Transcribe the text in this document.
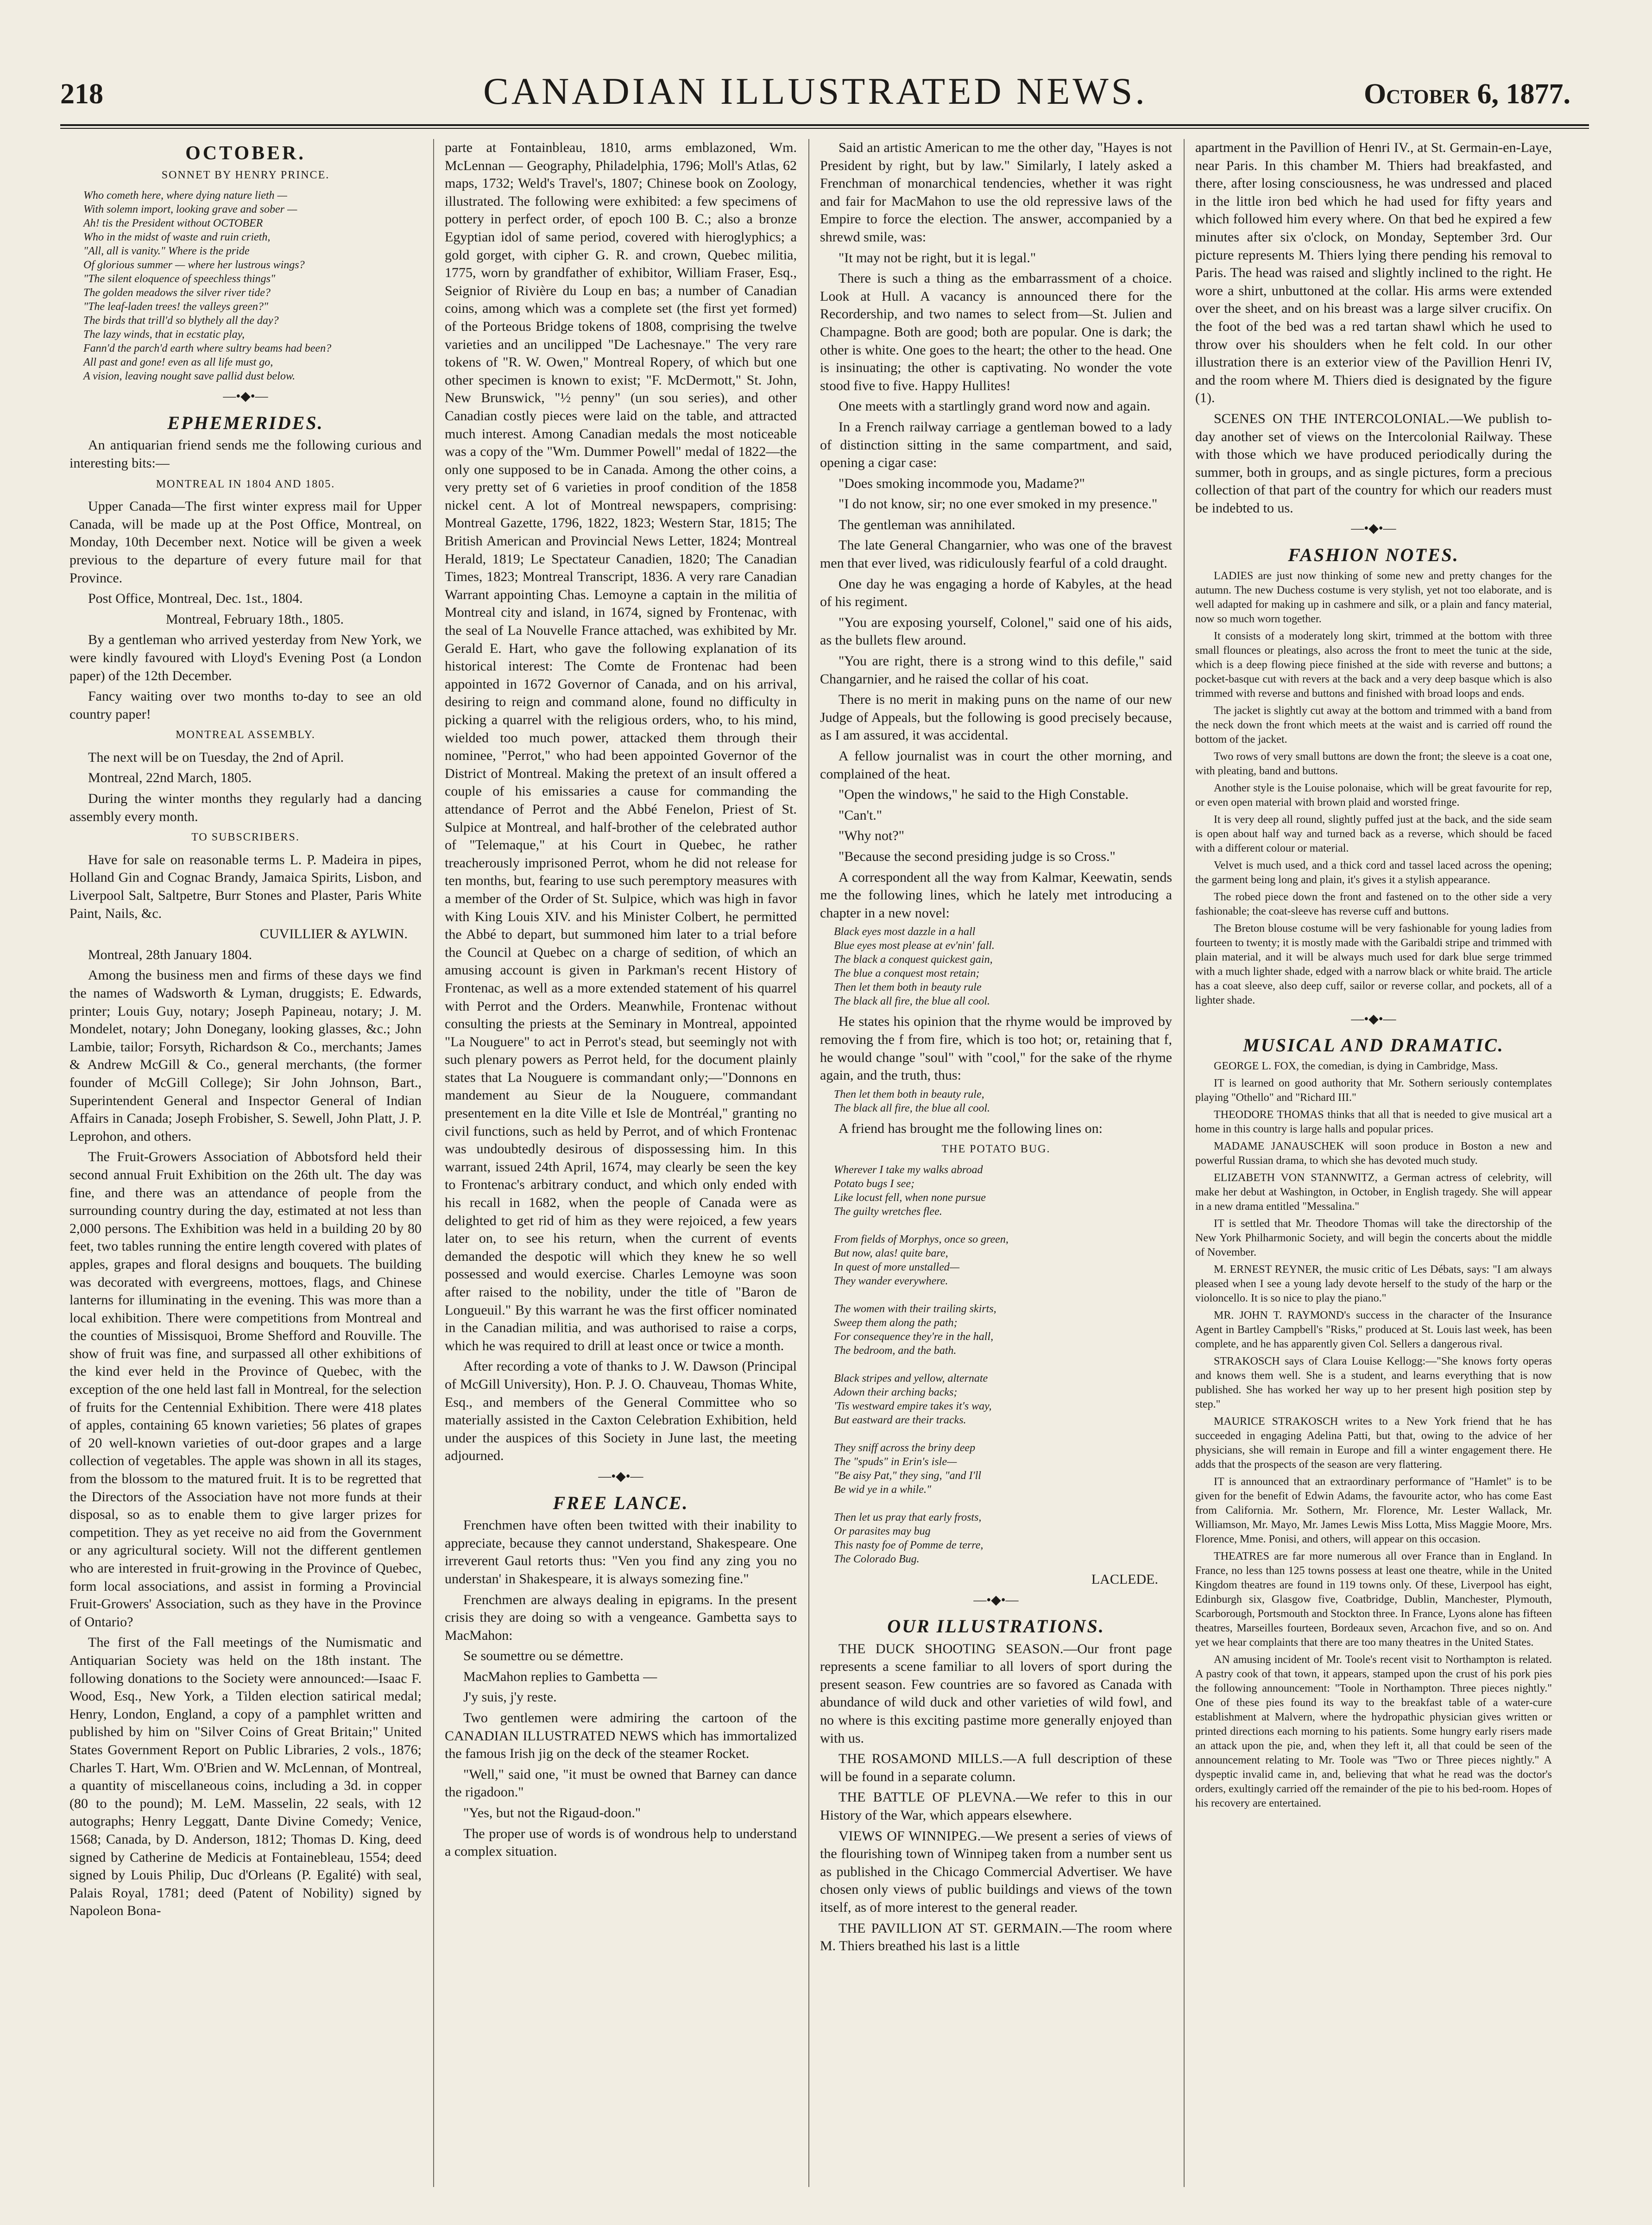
218	CANADIAN ILLUSTRATED NEWS.	October 6, 1877.
OCTOBER.
SONNET BY HENRY PRINCE.
Who cometh here, where dying nature lieth —
With solemn import, looking grave and sober —
Ah! tis the President without OCTOBER
Who in the midst of waste and ruin crieth,
"All, all is vanity." Where is the pride
Of glorious summer — where her lustrous wings?
"The silent eloquence of speechless things"
The golden meadows the silver river tide?
"The leaf-laden trees! the valleys green?"
The birds that trill'd so blythely all the day?
The lazy winds, that in ecstatic play,
Fann'd the parch'd earth where sultry beams had been?
All past and gone! even as all life must go,
A vision, leaving nought save pallid dust below.
—•◆•—
EPHEMERIDES.

An antiquarian friend sends me the following curious and interesting bits:—

MONTREAL IN 1804 AND 1805.

Upper Canada—The first winter express mail for Upper Canada, will be made up at the Post Office, Montreal, on Monday, 10th December next. Notice will be given a week previous to the departure of every future mail for that Province.

Post Office, Montreal, Dec. 1st., 1804.

Montreal, February 18th., 1805.

By a gentleman who arrived yesterday from New York, we were kindly favoured with Lloyd's Evening Post (a London paper) of the 12th December.

Fancy waiting over two months to-day to see an old country paper!

MONTREAL ASSEMBLY.

The next will be on Tuesday, the 2nd of April.

Montreal, 22nd March, 1805.

During the winter months they regularly had a dancing assembly every month.

TO SUBSCRIBERS.

Have for sale on reasonable terms L. P. Madeira in pipes, Holland Gin and Cognac Brandy, Jamaica Spirits, Lisbon, and Liverpool Salt, Saltpetre, Burr Stones and Plaster, Paris White Paint, Nails, &c.

CUVILLIER & AYLWIN.

Montreal, 28th January 1804.

Among the business men and firms of these days we find the names of Wadsworth & Lyman, druggists; E. Edwards, printer; Louis Guy, notary; Joseph Papineau, notary; J. M. Mondelet, notary; John Donegany, looking glasses, &c.; John Lambie, tailor; Forsyth, Richardson & Co., merchants; James & Andrew McGill & Co., general merchants, (the former founder of McGill College); Sir John Johnson, Bart., Superintendent General and Inspector General of Indian Affairs in Canada; Joseph Frobisher, S. Sewell, John Platt, J. P. Leprohon, and others.

The Fruit-Growers Association of Abbotsford held their second annual Fruit Exhibition on the 26th ult. The day was fine, and there was an attendance of people from the surrounding country during the day, estimated at not less than 2,000 persons. The Exhibition was held in a building 20 by 80 feet, two tables running the entire length covered with plates of apples, grapes and floral designs and bouquets. The building was decorated with evergreens, mottoes, flags, and Chinese lanterns for illuminating in the evening. This was more than a local exhibition. There were competitions from Montreal and the counties of Missisquoi, Brome Shefford and Rouville. The show of fruit was fine, and surpassed all other exhibitions of the kind ever held in the Province of Quebec, with the exception of the one held last fall in Montreal, for the selection of fruits for the Centennial Exhibition. There were 418 plates of apples, containing 65 known varieties; 56 plates of grapes of 20 well-known varieties of out-door grapes and a large collection of vegetables. The apple was shown in all its stages, from the blossom to the matured fruit. It is to be regretted that the Directors of the Association have not more funds at their disposal, so as to enable them to give larger prizes for competition. They as yet receive no aid from the Government or any agricultural society. Will not the different gentlemen who are interested in fruit-growing in the Province of Quebec, form local associations, and assist in forming a Provincial Fruit-Growers' Association, such as they have in the Province of Ontario?

The first of the Fall meetings of the Numismatic and Antiquarian Society was held on the 18th instant. The following donations to the Society were announced:—Isaac F. Wood, Esq., New York, a Tilden election satirical medal; Henry, London, England, a copy of a pamphlet written and published by him on "Silver Coins of Great Britain;" United States Government Report on Public Libraries, 2 vols., 1876; Charles T. Hart, Wm. O'Brien and W. McLennan, of Montreal, a quantity of miscellaneous coins, including a 3d. in copper (80 to the pound); M. LeM. Masselin, 22 seals, with 12 autographs; Henry Leggatt, Dante Divine Comedy; Venice, 1568; Canada, by D. Anderson, 1812; Thomas D. King, deed signed by Catherine de Medicis at Fontainebleau, 1554; deed signed by Louis Philip, Duc d'Orleans (P. Egalité) with seal, Palais Royal, 1781; deed (Patent of Nobility) signed by Napoleon Bona-

parte at Fontainbleau, 1810, arms emblazoned, Wm. McLennan — Geography, Philadelphia, 1796; Moll's Atlas, 62 maps, 1732; Weld's Travel's, 1807; Chinese book on Zoology, illustrated. The following were exhibited: a few specimens of pottery in perfect order, of epoch 100 B. C.; also a bronze Egyptian idol of same period, covered with hieroglyphics; a gold gorget, with cipher G. R. and crown, Quebec militia, 1775, worn by grandfather of exhibitor, William Fraser, Esq., Seignior of Rivière du Loup en bas; a number of Canadian coins, among which was a complete set (the first yet formed) of the Porteous Bridge tokens of 1808, comprising the twelve varieties and an uncilipped "De Lachesnaye." The very rare tokens of "R. W. Owen," Montreal Ropery, of which but one other specimen is known to exist; "F. McDermott," St. John, New Brunswick, "½ penny" (un sou series), and other Canadian costly pieces were laid on the table, and attracted much interest. Among Canadian medals the most noticeable was a copy of the "Wm. Dummer Powell" medal of 1822—the only one supposed to be in Canada. Among the other coins, a very pretty set of 6 varieties in proof condition of the 1858 nickel cent. A lot of Montreal newspapers, comprising: Montreal Gazette, 1796, 1822, 1823; Western Star, 1815; The British American and Provincial News Letter, 1824; Montreal Herald, 1819; Le Spectateur Canadien, 1820; The Canadian Times, 1823; Montreal Transcript, 1836. A very rare Canadian Warrant appointing Chas. Lemoyne a captain in the militia of Montreal city and island, in 1674, signed by Frontenac, with the seal of La Nouvelle France attached, was exhibited by Mr. Gerald E. Hart, who gave the following explanation of its historical interest: The Comte de Frontenac had been appointed in 1672 Governor of Canada, and on his arrival, desiring to reign and command alone, found no difficulty in picking a quarrel with the religious orders, who, to his mind, wielded too much power, attacked them through their nominee, "Perrot," who had been appointed Governor of the District of Montreal. Making the pretext of an insult offered a couple of his emissaries a cause for commanding the attendance of Perrot and the Abbé Fenelon, Priest of St. Sulpice at Montreal, and half-brother of the celebrated author of "Telemaque," at his Court in Quebec, he rather treacherously imprisoned Perrot, whom he did not release for ten months, but, fearing to use such peremptory measures with a member of the Order of St. Sulpice, which was high in favor with King Louis XIV. and his Minister Colbert, he permitted the Abbé to depart, but summoned him later to a trial before the Council at Quebec on a charge of sedition, of which an amusing account is given in Parkman's recent History of Frontenac, as well as a more extended statement of his quarrel with Perrot and the Orders. Meanwhile, Frontenac without consulting the priests at the Seminary in Montreal, appointed "La Nouguere" to act in Perrot's stead, but seemingly not with such plenary powers as Perrot held, for the document plainly states that La Nouguere is commandant only;—"Donnons en mandement au Sieur de la Nouguere, commandant presentement en la dite Ville et Isle de Montréal," granting no civil functions, such as held by Perrot, and of which Frontenac was undoubtedly desirous of dispossessing him. In this warrant, issued 24th April, 1674, may clearly be seen the key to Frontenac's arbitrary conduct, and which only ended with his recall in 1682, when the people of Canada were as delighted to get rid of him as they were rejoiced, a few years later on, to see his return, when the current of events demanded the despotic will which they knew he so well possessed and would exercise. Charles Lemoyne was soon after raised to the nobility, under the title of "Baron de Longueuil." By this warrant he was the first officer nominated in the Canadian militia, and was authorised to raise a corps, which he was required to drill at least once or twice a month.

After recording a vote of thanks to J. W. Dawson (Principal of McGill University), Hon. P. J. O. Chauveau, Thomas White, Esq., and members of the General Committee who so materially assisted in the Caxton Celebration Exhibition, held under the auspices of this Society in June last, the meeting adjourned.

—•◆•—
FREE LANCE.

Frenchmen have often been twitted with their inability to appreciate, because they cannot understand, Shakespeare. One irreverent Gaul retorts thus: "Ven you find any zing you no understan' in Shakespeare, it is always somezing fine."

Frenchmen are always dealing in epigrams. In the present crisis they are doing so with a vengeance. Gambetta says to MacMahon:

Se soumettre ou se démettre.

MacMahon replies to Gambetta —

J'y suis, j'y reste.

Two gentlemen were admiring the cartoon of the CANADIAN ILLUSTRATED NEWS which has immortalized the famous Irish jig on the deck of the steamer Rocket.

"Well," said one, "it must be owned that Barney can dance the rigadoon."

"Yes, but not the Rigaud-doon."

The proper use of words is of wondrous help to understand a complex situation.

Said an artistic American to me the other day, "Hayes is not President by right, but by law." Similarly, I lately asked a Frenchman of monarchical tendencies, whether it was right and fair for MacMahon to use the old repressive laws of the Empire to force the election. The answer, accompanied by a shrewd smile, was:

"It may not be right, but it is legal."

There is such a thing as the embarrassment of a choice. Look at Hull. A vacancy is announced there for the Recordership, and two names to select from—St. Julien and Champagne. Both are good; both are popular. One is dark; the other is white. One goes to the heart; the other to the head. One is insinuating; the other is captivating. No wonder the vote stood five to five. Happy Hullites!

One meets with a startlingly grand word now and again.

In a French railway carriage a gentleman bowed to a lady of distinction sitting in the same compartment, and said, opening a cigar case:

"Does smoking incommode you, Madame?"

"I do not know, sir; no one ever smoked in my presence."

The gentleman was annihilated.

The late General Changarnier, who was one of the bravest men that ever lived, was ridiculously fearful of a cold draught.

One day he was engaging a horde of Kabyles, at the head of his regiment.

"You are exposing yourself, Colonel," said one of his aids, as the bullets flew around.

"You are right, there is a strong wind to this defile," said Changarnier, and he raised the collar of his coat.

There is no merit in making puns on the name of our new Judge of Appeals, but the following is good precisely because, as I am assured, it was accidental.

A fellow journalist was in court the other morning, and complained of the heat.

"Open the windows," he said to the High Constable.

"Can't."

"Why not?"

"Because the second presiding judge is so Cross."

A correspondent all the way from Kalmar, Keewatin, sends me the following lines, which he lately met introducing a chapter in a new novel:

Black eyes most dazzle in a hall
Blue eyes most please at ev'nin' fall.
The black a conquest quickest gain,
The blue a conquest most retain;
Then let them both in beauty rule
The black all fire, the blue all cool.

He states his opinion that the rhyme would be improved by removing the f from fire, which is too hot; or, retaining that f, he would change "soul" with "cool," for the sake of the rhyme again, and the truth, thus:

Then let them both in beauty rule,
The black all fire, the blue all cool.

A friend has brought me the following lines on:

THE POTATO BUG.
Wherever I take my walks abroad
Potato bugs I see;
Like locust fell, when none pursue
The guilty wretches flee.

From fields of Morphys, once so green,
But now, alas! quite bare,
In quest of more unstalled—
They wander everywhere.

The women with their trailing skirts,
Sweep them along the path;
For consequence they're in the hall,
The bedroom, and the bath.

Black stripes and yellow, alternate
Adown their arching backs;
'Tis westward empire takes it's way,
But eastward are their tracks.

They sniff across the briny deep
The "spuds" in Erin's isle—
"Be aisy Pat," they sing, "and I'll
Be wid ye in a while."

Then let us pray that early frosts,
Or parasites may bug
This nasty foe of Pomme de terre,
The Colorado Bug.

LACLEDE.

—•◆•—
OUR ILLUSTRATIONS.

THE DUCK SHOOTING SEASON.—Our front page represents a scene familiar to all lovers of sport during the present season. Few countries are so favored as Canada with abundance of wild duck and other varieties of wild fowl, and no where is this exciting pastime more generally enjoyed than with us.

THE ROSAMOND MILLS.—A full description of these will be found in a separate column.

THE BATTLE OF PLEVNA.—We refer to this in our History of the War, which appears elsewhere.

VIEWS OF WINNIPEG.—We present a series of views of the flourishing town of Winnipeg taken from a number sent us as published in the Chicago Commercial Advertiser. We have chosen only views of public buildings and views of the town itself, as of more interest to the general reader.

THE PAVILLION AT ST. GERMAIN.—The room where M. Thiers breathed his last is a little

apartment in the Pavillion of Henri IV., at St. Germain-en-Laye, near Paris. In this chamber M. Thiers had breakfasted, and there, after losing consciousness, he was undressed and placed in the little iron bed which he had used for fifty years and which followed him every where. On that bed he expired a few minutes after six o'clock, on Monday, September 3rd. Our picture represents M. Thiers lying there pending his removal to Paris. The head was raised and slightly inclined to the right. He wore a shirt, unbuttoned at the collar. His arms were extended over the sheet, and on his breast was a large silver crucifix. On the foot of the bed was a red tartan shawl which he used to throw over his shoulders when he felt cold. In our other illustration there is an exterior view of the Pavillion Henri IV, and the room where M. Thiers died is designated by the figure (1).

SCENES ON THE INTERCOLONIAL.—We publish to-day another set of views on the Intercolonial Railway. These with those which we have produced periodically during the summer, both in groups, and as single pictures, form a precious collection of that part of the country for which our readers must be indebted to us.

—•◆•—
FASHION NOTES.

LADIES are just now thinking of some new and pretty changes for the autumn. The new Duchess costume is very stylish, yet not too elaborate, and is well adapted for making up in cashmere and silk, or a plain and fancy material, now so much worn together.

It consists of a moderately long skirt, trimmed at the bottom with three small flounces or pleatings, also across the front to meet the tunic at the side, which is a deep flowing piece finished at the side with reverse and buttons; a pocket-basque cut with revers at the back and a very deep basque which is also trimmed with reverse and buttons and finished with broad loops and ends.

The jacket is slightly cut away at the bottom and trimmed with a band from the neck down the front which meets at the waist and is carried off round the bottom of the jacket.

Two rows of very small buttons are down the front; the sleeve is a coat one, with pleating, band and buttons.

Another style is the Louise polonaise, which will be great favourite for rep, or even open material with brown plaid and worsted fringe.

It is very deep all round, slightly puffed just at the back, and the side seam is open about half way and turned back as a reverse, which should be faced with a different colour or material.

Velvet is much used, and a thick cord and tassel laced across the opening; the garment being long and plain, it's gives it a stylish appearance.

The robed piece down the front and fastened on to the other side a very fashionable; the coat-sleeve has reverse cuff and buttons.

The Breton blouse costume will be very fashionable for young ladies from fourteen to twenty; it is mostly made with the Garibaldi stripe and trimmed with plain material, and it will be always much used for dark blue serge trimmed with a much lighter shade, edged with a narrow black or white braid. The article has a coat sleeve, also deep cuff, sailor or reverse collar, and pockets, all of a lighter shade.

—•◆•—
MUSICAL AND DRAMATIC.

GEORGE L. FOX, the comedian, is dying in Cambridge, Mass.

IT is learned on good authority that Mr. Sothern seriously contemplates playing "Othello" and "Richard III."

THEODORE THOMAS thinks that all that is needed to give musical art a home in this country is large halls and popular prices.

MADAME JANAUSCHEK will soon produce in Boston a new and powerful Russian drama, to which she has devoted much study.

ELIZABETH VON STANNWITZ, a German actress of celebrity, will make her debut at Washington, in October, in English tragedy. She will appear in a new drama entitled "Messalina."

IT is settled that Mr. Theodore Thomas will take the directorship of the New York Philharmonic Society, and will begin the concerts about the middle of November.

M. ERNEST REYNER, the music critic of Les Débats, says: "I am always pleased when I see a young lady devote herself to the study of the harp or the violoncello. It is so nice to play the piano."

MR. JOHN T. RAYMOND's success in the character of the Insurance Agent in Bartley Campbell's "Risks," produced at St. Louis last week, has been complete, and he has apparently given Col. Sellers a dangerous rival.

STRAKOSCH says of Clara Louise Kellogg:—"She knows forty operas and knows them well. She is a student, and learns everything that is now published. She has worked her way up to her present high position step by step."

MAURICE STRAKOSCH writes to a New York friend that he has succeeded in engaging Adelina Patti, but that, owing to the advice of her physicians, she will remain in Europe and fill a winter engagement there. He adds that the prospects of the season are very flattering.

IT is announced that an extraordinary performance of "Hamlet" is to be given for the benefit of Edwin Adams, the favourite actor, who has come East from California. Mr. Sothern, Mr. Florence, Mr. Lester Wallack, Mr. Williamson, Mr. Mayo, Mr. James Lewis Miss Lotta, Miss Maggie Moore, Mrs. Florence, Mme. Ponisi, and others, will appear on this occasion.

THEATRES are far more numerous all over France than in England. In France, no less than 125 towns possess at least one theatre, while in the United Kingdom theatres are found in 119 towns only. Of these, Liverpool has eight, Edinburgh six, Glasgow five, Coatbridge, Dublin, Manchester, Plymouth, Scarborough, Portsmouth and Stockton three. In France, Lyons alone has fifteen theatres, Marseilles fourteen, Bordeaux seven, Arcachon five, and so on. And yet we hear complaints that there are too many theatres in the United States.

AN amusing incident of Mr. Toole's recent visit to Northampton is related. A pastry cook of that town, it appears, stamped upon the crust of his pork pies the following announcement: "Toole in Northampton. Three pieces nightly." One of these pies found its way to the breakfast table of a water-cure establishment at Malvern, where the hydropathic physician gives written or printed directions each morning to his patients. Some hungry early risers made an attack upon the pie, and, when they left it, all that could be seen of the announcement relating to Mr. Toole was "Two or Three pieces nightly." A dyspeptic invalid came in, and, believing that what he read was the doctor's orders, exultingly carried off the remainder of the pie to his bed-room. Hopes of his recovery are entertained.
